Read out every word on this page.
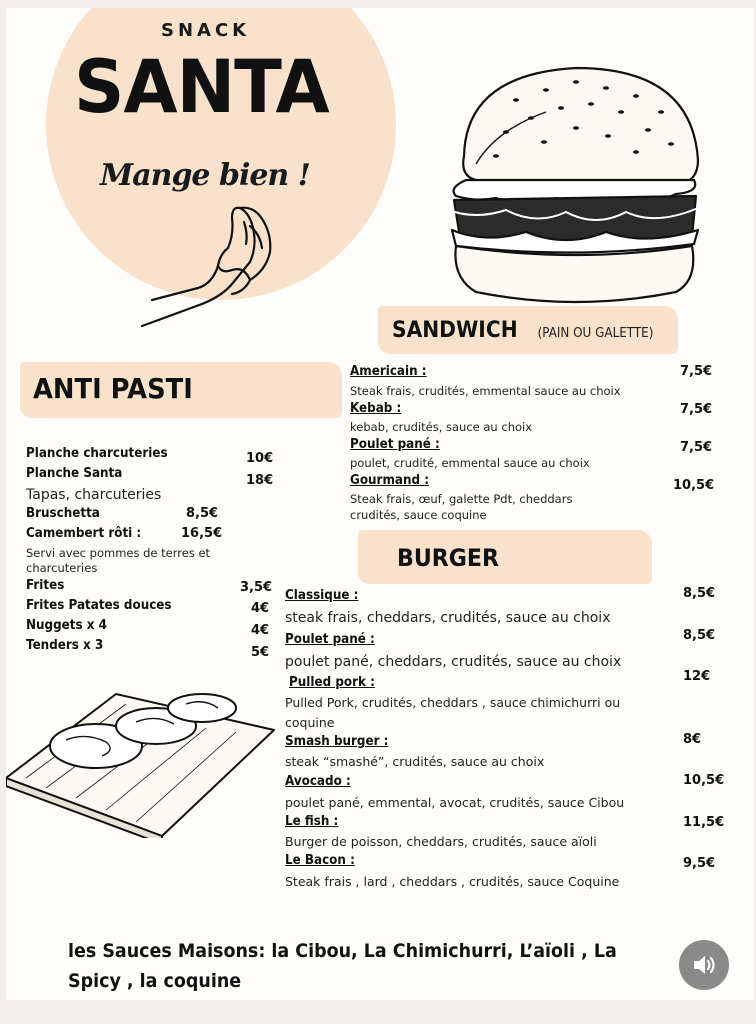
SNACK
SANTA
Mange bien !
ANTI PASTI
Planche charcuteries	10€
Planche Santa	18€
Tapas, charcuteries
Bruschetta	8,5€
Camembert rôti :	16,5€
Servi avec pommes de terres et
charcuteries
Frites	3,5€
Frites Patates douces	4€
Nuggets x 4	4€
Tenders x 3	5€
SANDWICH (PAIN OU GALETTE)
Americain :	7,5€
Steak frais, crudités, emmental sauce au choix
Kebab :	7,5€
kebab, crudités, sauce au choix
Poulet pané :	7,5€
poulet, crudité, emmental sauce au choix
Gourmand :	10,5€
Steak frais, œuf, galette Pdt, cheddars
crudités, sauce coquine
BURGER
Classique :	8,5€
steak frais, cheddars, crudités, sauce au choix
Poulet pané :	8,5€
poulet pané, cheddars, crudités, sauce au choix
Pulled pork :	12€
Pulled Pork, crudités, cheddars , sauce chimichurri ou
coquine
Smash burger :	8€
steak “smashé”, crudités, sauce au choix
Avocado :	10,5€
poulet pané, emmental, avocat, crudités, sauce Cibou
Le fish :	11,5€
Burger de poisson, cheddars, crudités, sauce aïoli
Le Bacon :	9,5€
Steak frais , lard , cheddars , crudités, sauce Coquine
les Sauces Maisons: la Cibou, La Chimichurri, L’aïoli , La Spicy , la coquine
